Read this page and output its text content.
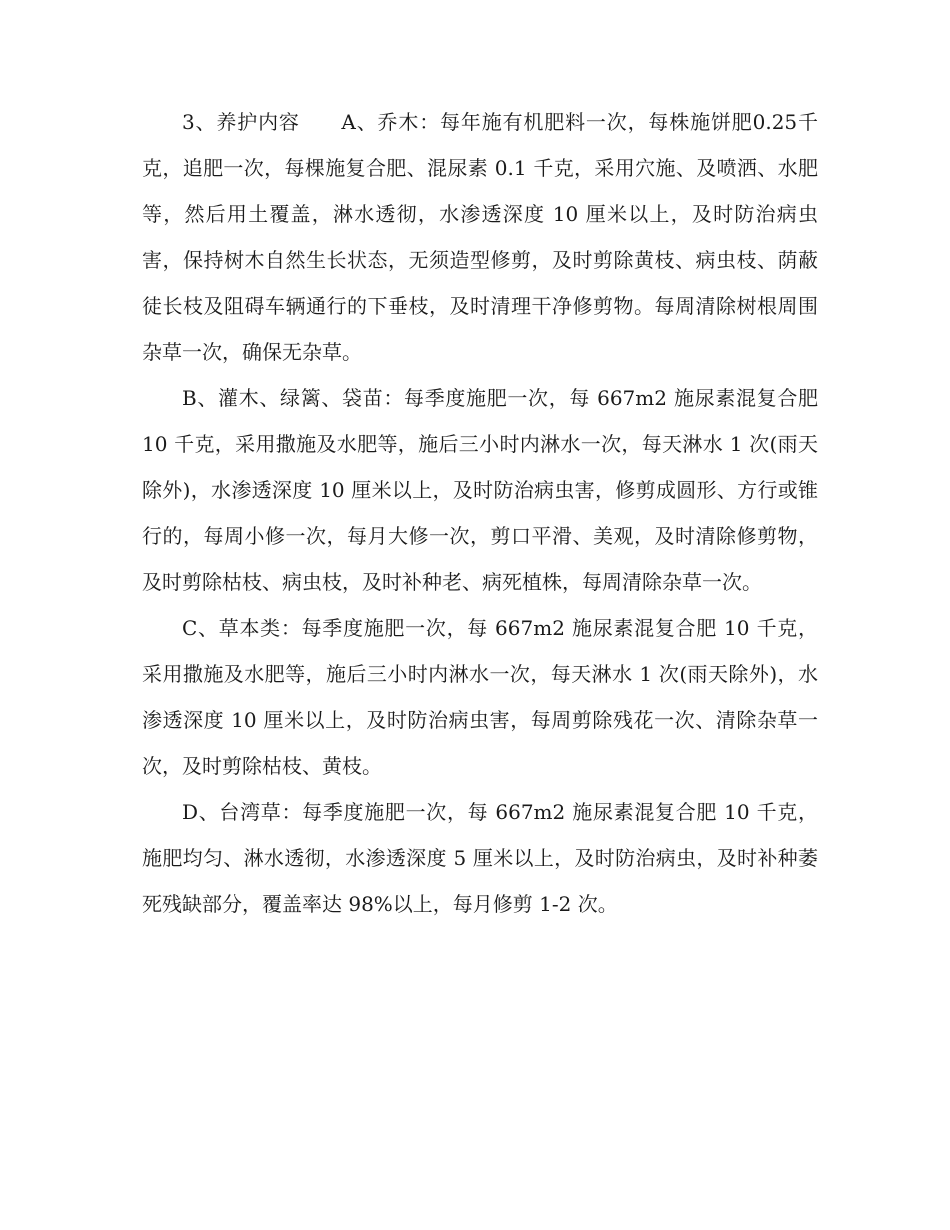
3、养护内容　　A、乔木：每年施有机肥料一次，每株施饼肥0.25千克，追肥一次，每棵施复合肥、混尿素 0.1 千克，采用穴施、及喷洒、水肥等，然后用土覆盖，淋水透彻，水渗透深度 10 厘米以上，及时防治病虫害，保持树木自然生长状态，无须造型修剪，及时剪除黄枝、病虫枝、荫蔽徒长枝及阻碍车辆通行的下垂枝，及时清理干净修剪物。每周清除树根周围杂草一次，确保无杂草。

B、灌木、绿篱、袋苗：每季度施肥一次，每 667m2 施尿素混复合肥 10 千克，采用撒施及水肥等，施后三小时内淋水一次，每天淋水 1 次(雨天除外)，水渗透深度 10 厘米以上，及时防治病虫害，修剪成圆形、方行或锥行的，每周小修一次，每月大修一次，剪口平滑、美观，及时清除修剪物，及时剪除枯枝、病虫枝，及时补种老、病死植株，每周清除杂草一次。

C、草本类：每季度施肥一次，每 667m2 施尿素混复合肥 10 千克，采用撒施及水肥等，施后三小时内淋水一次，每天淋水 1 次(雨天除外)，水渗透深度 10 厘米以上，及时防治病虫害，每周剪除残花一次、清除杂草一次，及时剪除枯枝、黄枝。

D、台湾草：每季度施肥一次，每 667m2 施尿素混复合肥 10 千克，施肥均匀、淋水透彻，水渗透深度 5 厘米以上，及时防治病虫，及时补种萎死残缺部分，覆盖率达 98%以上，每月修剪 1-2 次。
